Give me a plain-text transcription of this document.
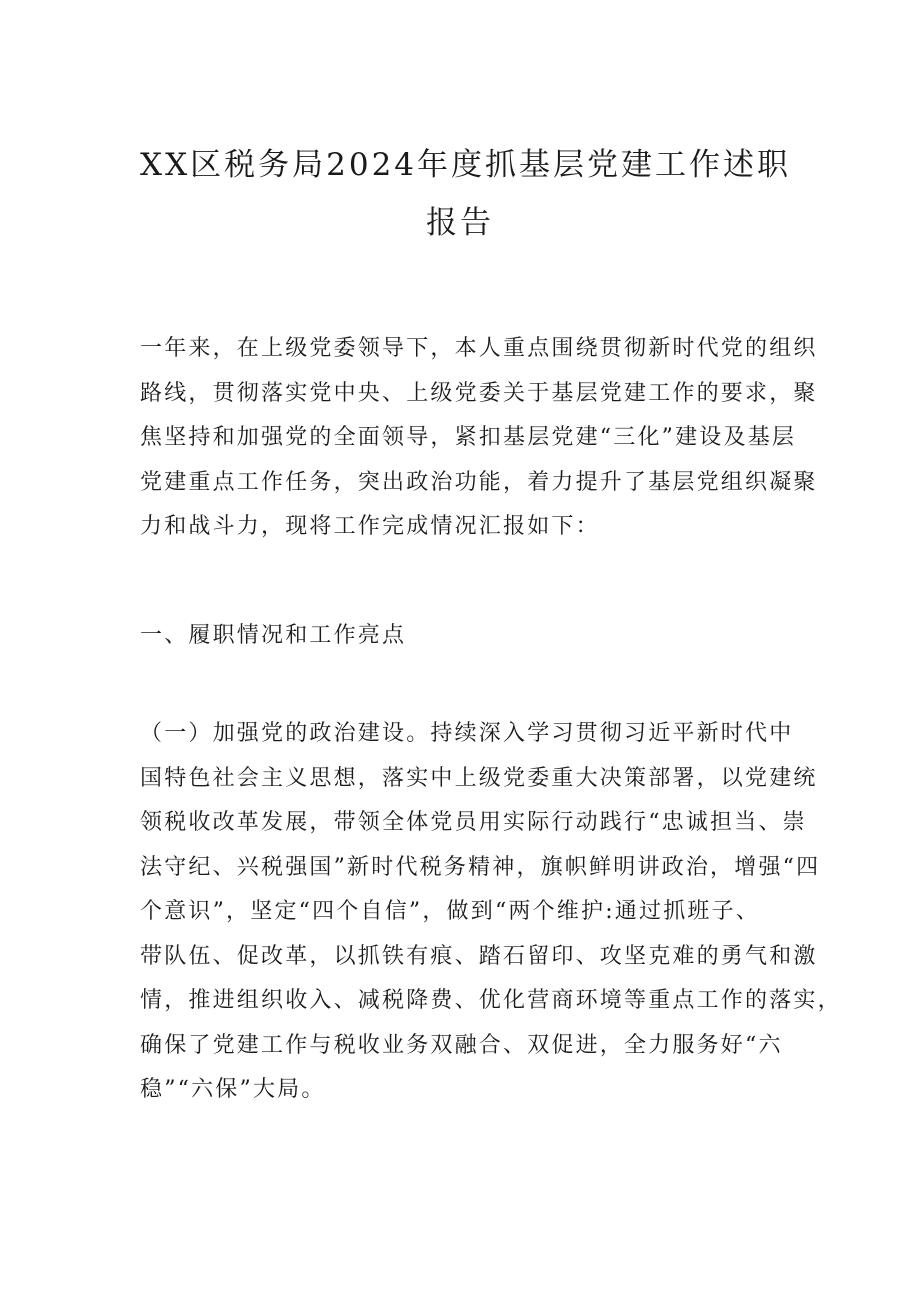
XX区税务局2024年度抓基层党建工作述职
报告

一年来，在上级党委领导下，本人重点围绕贯彻新时代党的组织
路线，贯彻落实党中央、上级党委关于基层党建工作的要求，聚
焦坚持和加强党的全面领导，紧扣基层党建“三化”建设及基层
党建重点工作任务，突出政治功能，着力提升了基层党组织凝聚
力和战斗力，现将工作完成情况汇报如下：

一、履职情况和工作亮点

（一）加强党的政治建设。持续深入学习贯彻习近平新时代中
国特色社会主义思想，落实中上级党委重大决策部署，以党建统
领税收改革发展，带领全体党员用实际行动践行“忠诚担当、崇
法守纪、兴税强国”新时代税务精神，旗帜鲜明讲政治，增强“四
个意识”，坚定“四个自信”，做到“两个维护:通过抓班子、
带队伍、促改革，以抓铁有痕、踏石留印、攻坚克难的勇气和激
情，推进组织收入、减税降费、优化营商环境等重点工作的落实，
确保了党建工作与税收业务双融合、双促进，全力服务好“六
稳”“六保”大局。
